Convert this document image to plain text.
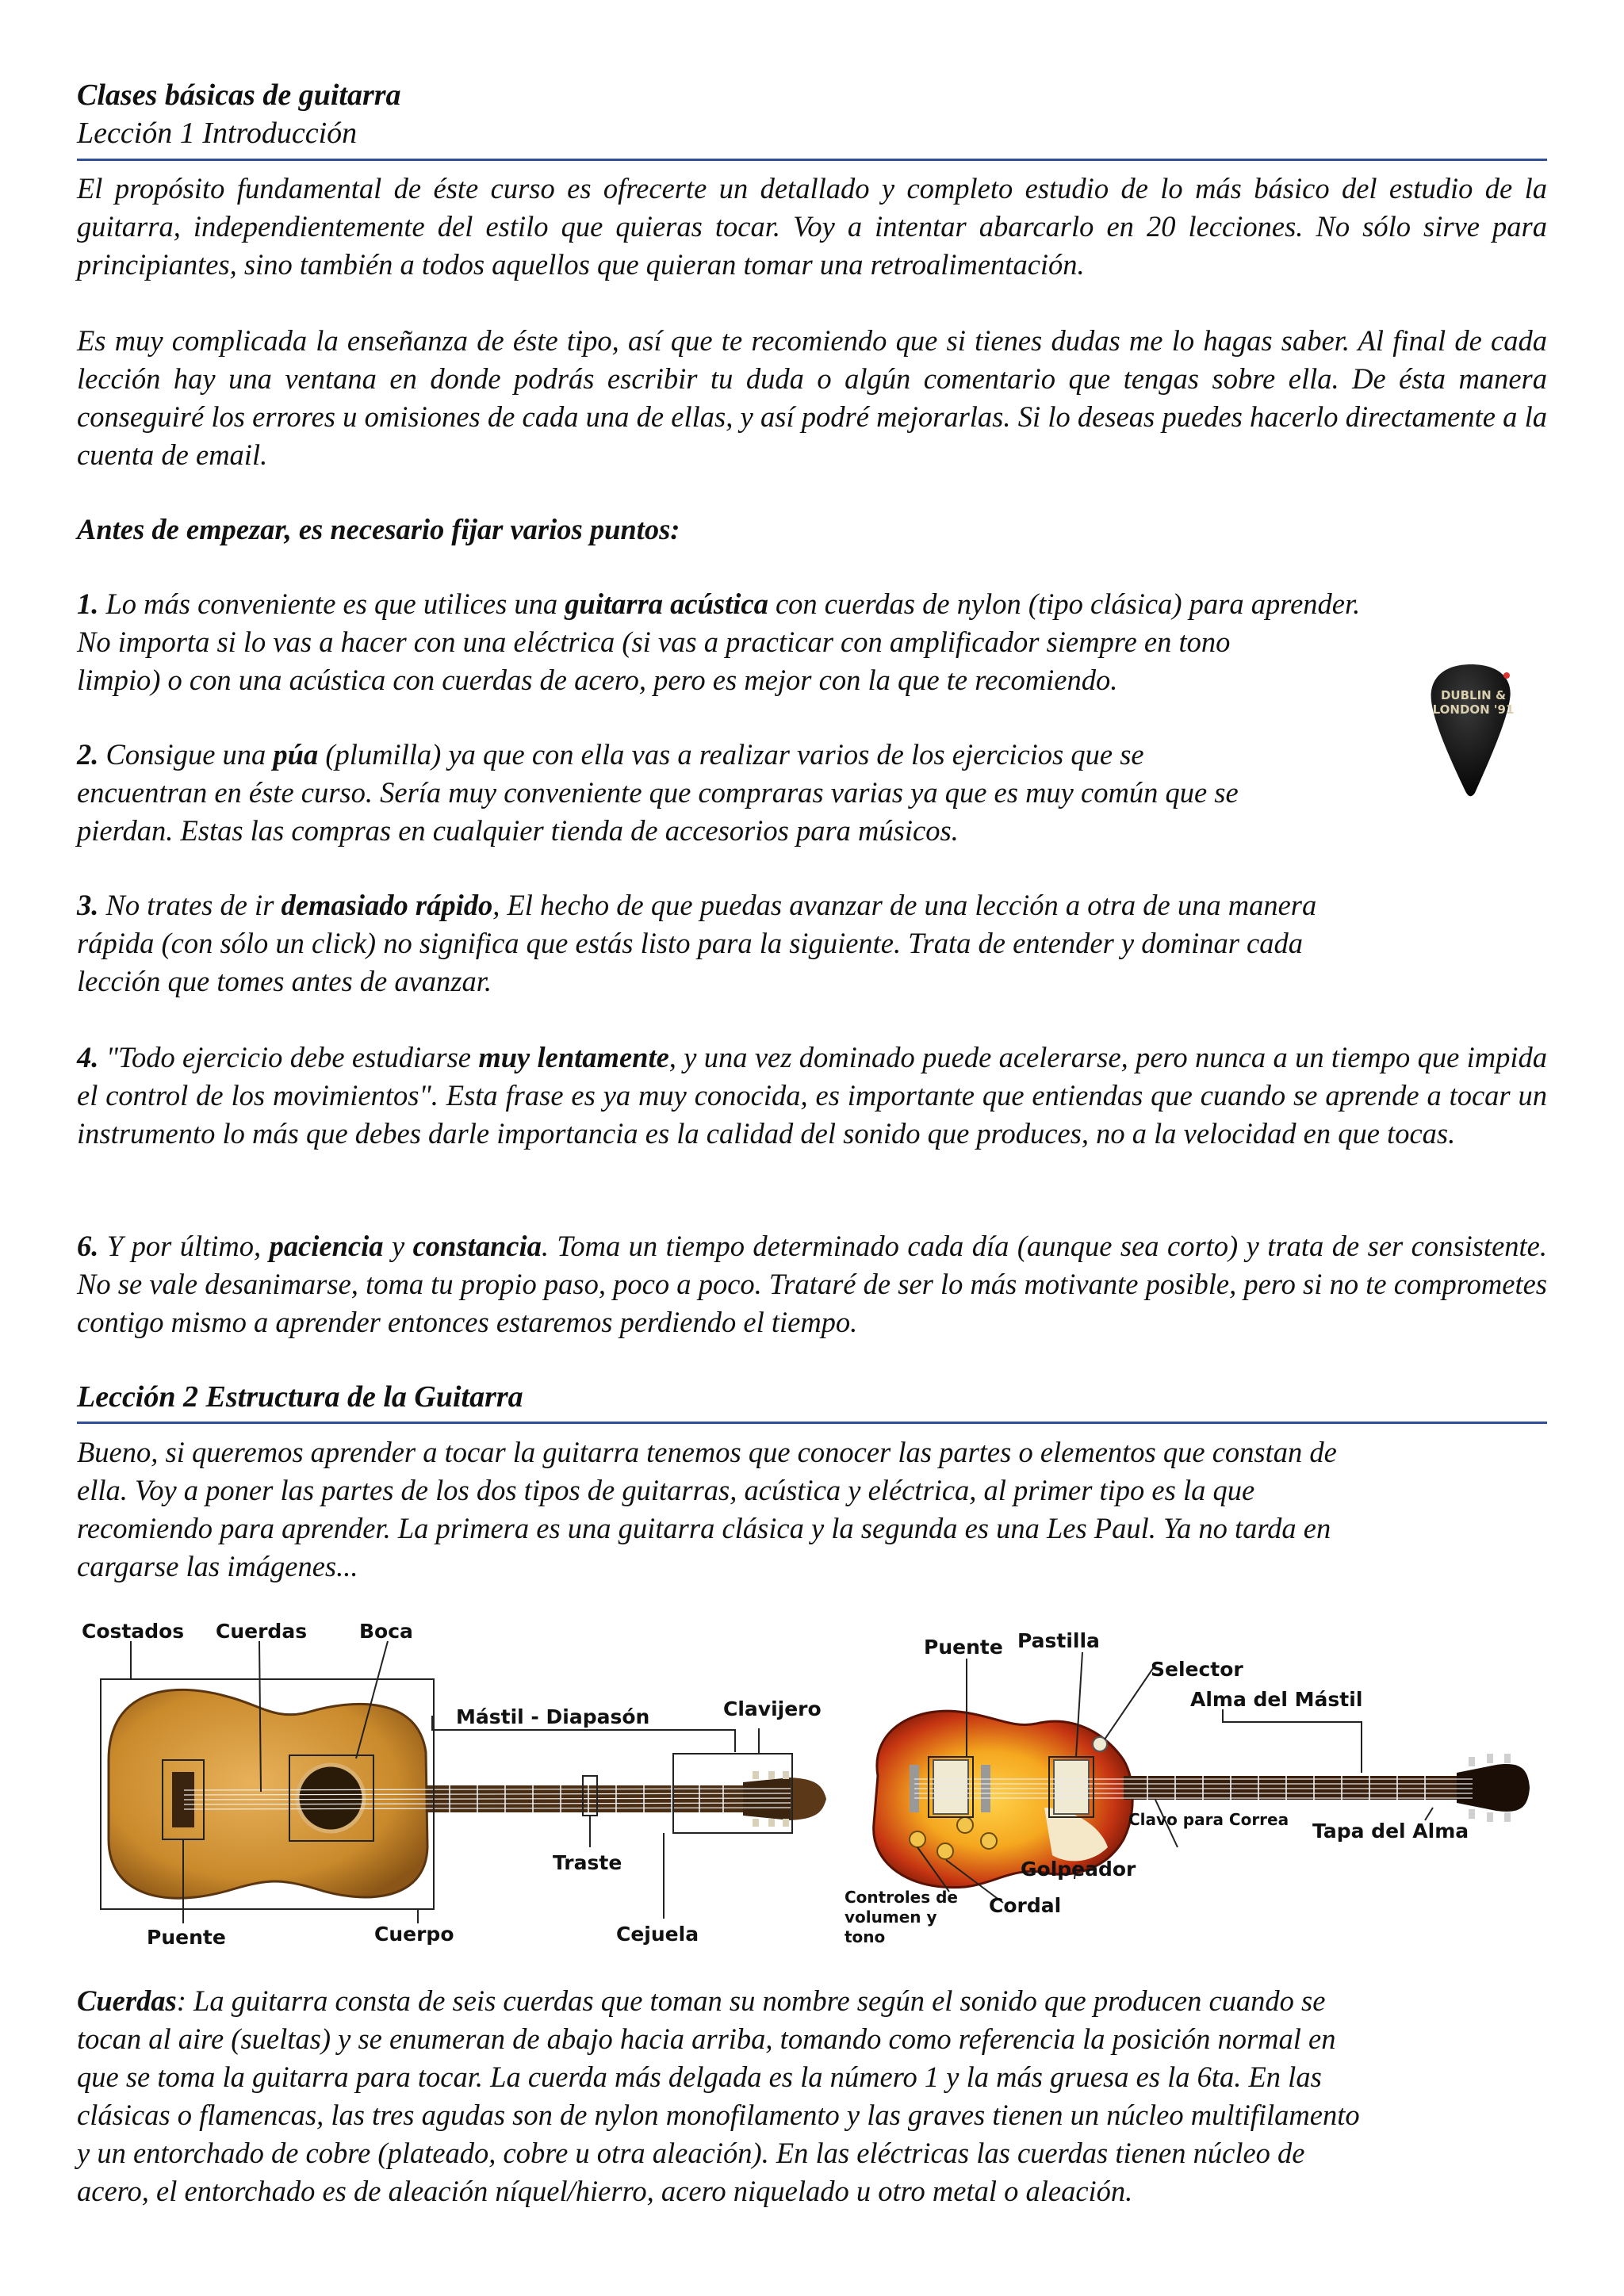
Clases básicas de guitarra
Lección 1 Introducción
El propósito fundamental de éste curso es ofrecerte un detallado y completo estudio de lo más básico del estudio de la guitarra, independientemente del estilo que quieras tocar. Voy a intentar abarcarlo en 20 lecciones. No sólo sirve para principiantes, sino también a todos aquellos que quieran tomar una retroalimentación.
Es muy complicada la enseñanza de éste tipo, así que te recomiendo que si tienes dudas me lo hagas saber. Al final de cada lección hay una ventana en donde podrás escribir tu duda o algún comentario que tengas sobre ella. De ésta manera conseguiré los errores u omisiones de cada una de ellas, y así podré mejorarlas. Si lo deseas puedes hacerlo directamente a la cuenta de email.
Antes de empezar, es necesario fijar varios puntos:

1. Lo más conveniente es que utilices una guitarra acústica con cuerdas de nylon (tipo clásica) para aprender.

No importa si lo vas a hacer con una eléctrica (si vas a practicar con amplificador siempre en tono

limpio) o con una acústica con cuerdas de acero, pero es mejor con la que te recomiendo.	DUBLIN &
LONDON '91

2. Consigue una púa (plumilla) ya que con ella vas a realizar varios de los ejercicios que se

encuentran en éste curso. Sería muy conveniente que compraras varias ya que es muy común que se

pierdan. Estas las compras en cualquier tienda de accesorios para músicos.

3. No trates de ir demasiado rápido, El hecho de que puedas avanzar de una lección a otra de una manera

rápida (con sólo un click) no significa que estás listo para la siguiente. Trata de entender y dominar cada

lección que tomes antes de avanzar.

4. "Todo ejercicio debe estudiarse muy lentamente, y una vez dominado puede acelerarse, pero nunca a un tiempo que impida el control de los movimientos". Esta frase es ya muy conocida, es importante que entiendas que cuando se aprende a tocar un instrumento lo más que debes darle importancia es la calidad del sonido que produces, no a la velocidad en que tocas.
6. Y por último, paciencia y constancia. Toma un tiempo determinado cada día (aunque sea corto) y trata de ser consistente. No se vale desanimarse, toma tu propio paso, poco a poco. Trataré de ser lo más motivante posible, pero si no te comprometes contigo mismo a aprender entonces estaremos perdiendo el tiempo.
Lección 2 Estructura de la Guitarra

Bueno, si queremos aprender a tocar la guitarra tenemos que conocer las partes o elementos que constan de

ella. Voy a poner las partes de los dos tipos de guitarras, acústica y eléctrica, al primer tipo es la que

recomiendo para aprender. La primera es una guitarra clásica y la segunda es una Les Paul. Ya no tarda en

cargarse las imágenes...

Costados Cuerdas	Boca
Mástil - Diapasón	Clavijero
Traste
Puente	Cuerpo	Cejuela
Puente Pastilla
Selector
Alma del Mástil
Clavo para Correa Tapa del Alma
Golpeador
Cordal
Controles de
volumen y
tono

Cuerdas: La guitarra consta de seis cuerdas que toman su nombre según el sonido que producen cuando se

tocan al aire (sueltas) y se enumeran de abajo hacia arriba, tomando como referencia la posición normal en

que se toma la guitarra para tocar. La cuerda más delgada es la número 1 y la más gruesa es la 6ta. En las

clásicas o flamencas, las tres agudas son de nylon monofilamento y las graves tienen un núcleo multifilamento

y un entorchado de cobre (plateado, cobre u otra aleación). En las eléctricas las cuerdas tienen núcleo de

acero, el entorchado es de aleación níquel/hierro, acero niquelado u otro metal o aleación.
